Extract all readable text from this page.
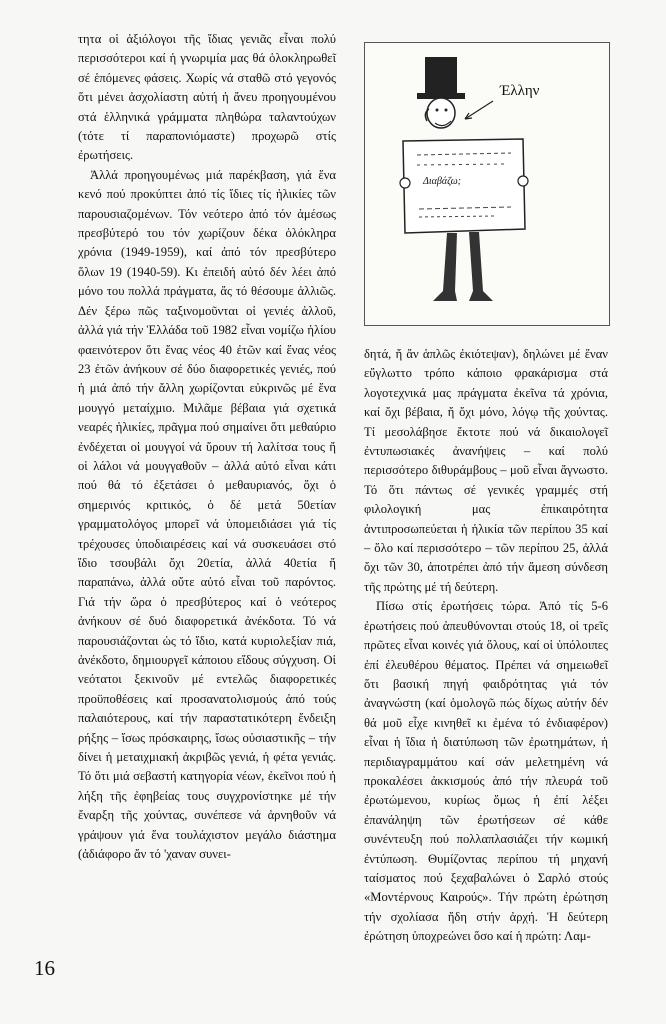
τητα οἱ ἀξιόλογοι τῆς ἴδιας γενιᾶς εἶναι πολύ περισσότεροι καί ἡ γνωριμία μας θά ὁλοκληρωθεῖ σέ ἑπόμενες φάσεις. Χωρίς νά σταθῶ στό γεγονός ὅτι μένει ἀσχολίαστη αὐτή ἡ ἄνευ προηγουμένου στά ἑλληνικά γράμματα πληθώρα ταλαντούχων (τότε τί παραπονιόμαστε) προχωρῶ στίς ἐρωτήσεις.

Ἀλλά προηγουμένως μιά παρέκβαση, γιά ἕνα κενό πού προκύπτει ἀπό τίς ἴδιες τίς ἡλικίες τῶν παρουσιαζομένων. Τόν νεότερο ἀπό τόν ἀμέσως πρεσβύτερό του τόν χωρίζουν δέκα ὁλόκληρα χρόνια (1949-1959), καί ἀπό τόν πρεσβύτερο ὅλων 19 (1940-59). Κι ἐπειδή αὐτό δέν λέει ἀπό μόνο του πολλά πράγματα, ἄς τό θέσουμε ἀλλιῶς. Δέν ξέρω πῶς ταξινομοῦνται οἱ γενιές ἀλλοῦ, ἀλλά γιά τήν Ἑλλάδα τοῦ 1982 εἶναι νομίζω ἡλίου φαεινότερον ὅτι ἕνας νέος 40 ἐτῶν καί ἕνας νέος 23 ἐτῶν ἀνήκουν σέ δύο διαφορετικές γενιές, πού ἡ μιά ἀπό τήν ἄλλη χωρίζονται εὐκρινῶς μέ ἕνα μουγγό μεταίχμιο. Μιλᾶμε βέβαια γιά σχετικά νεαρές ἡλικίες, πρᾶγμα πού σημαίνει ὅτι μεθαύριο ἐνδέχεται οἱ μουγγοί νά ὕρουν τή λαλίτσα τους ἤ οἱ λάλοι νά μουγγαθοῦν – ἀλλά αὐτό εἶναι κάτι πού θά τό ἐξετάσει ὁ μεθαυριανός, ὄχι ὁ σημερινός κριτικός, ὁ δέ μετά 50ετίαν γραμματολόγος μπορεῖ νά ὑπομειδιάσει γιά τίς τρέχουσες ὑποδιαιρέσεις καί νά συσκευάσει στό ἴδιο τσουβάλι ὄχι 20ετία, ἀλλά 40ετία ἤ παραπάνω, ἀλλά οὔτε αὐτό εἶναι τοῦ παρόντος. Γιά τήν ὥρα ὁ πρεσβύτερος καί ὁ νεότερος ἀνήκουν σέ δυό διαφορετικά ἀνέκδοτα. Τό νά παρουσιάζονται ὡς τό ἴδιο, κατά κυριολεξίαν πιά, ἀνέκδοτο, δημιουργεῖ κάποιου εἴδους σύγχυση. Οἱ νεότατοι ξεκινοῦν μέ εντελῶς διαφορετικές προϋποθέσεις καί προσανατολισμούς ἀπό τούς παλαιότερους, καί τήν παραστατικότερη ἔνδειξη ρήξης – ἴσως πρόσκαιρης, ἴσως οὐσιαστικῆς – τήν δίνει ἡ μεταιχμιακή ἀκριβῶς γενιά, ἡ φέτα γενιάς. Τό ὅτι μιά σεβαστή κατηγορία νέων, ἐκεῖνοι πού ἡ λήξη τῆς ἐφηβείας τους συγχρονίστηκε μέ τήν ἔναρξη τῆς χούντας, συνέπεσε νά ἀρνηθοῦν νά γράψουν γιά ἕνα τουλάχιστον μεγάλο διάστημα (ἀδιάφορο ἄν τό 'χαναν συνει-

Έλλην
Διαβάζω;

δητά, ἤ ἄν ἁπλῶς ἐκιότεψαν), δηλώνει μέ ἕναν εὔγλωττο τρόπο κάποιο φρακάρισμα στά λογοτεχνικά μας πράγματα ἐκεῖνα τά χρόνια, καί ὄχι βέβαια, ἤ ὄχι μόνο, λόγῳ τῆς χούντας. Τί μεσολάβησε ἔκτοτε πού νά δικαιολογεῖ ἐντυπωσιακές ἀνανήψεις – καί πολύ περισσότερο διθυράμβους – μοῦ εἶναι ἄγνωστο. Τό ὅτι πάντως σέ γενικές γραμμές στή φιλολογική μας ἐπικαιρότητα ἀντιπροσωπεύεται ἡ ἡλικία τῶν περίπου 35 καί – ὅλο καί περισσότερο – τῶν περίπου 25, ἀλλά ὄχι τῶν 30, ἀποτρέπει ἀπό τήν ἄμεση σύνδεση τῆς πρώτης μέ τή δεύτερη.

Πίσω στίς ἐρωτήσεις τώρα. Ἀπό τίς 5-6 ἐρωτήσεις πού ἀπευθύνονται στούς 18, οἱ τρεῖς πρῶτες εἶναι κοινές γιά ὅλους, καί οἱ ὑπόλοιπες ἐπί ἐλευθέρου θέματος. Πρέπει νά σημειωθεῖ ὅτι βασική πηγή φαιδρότητας γιά τόν ἀναγνώστη (καί ὁμολογῶ πώς δίχως αὐτήν δέν θά μοῦ εἶχε κινηθεῖ κι ἐμένα τό ἐνδιαφέρον) εἶναι ἡ ἴδια ἡ διατύπωση τῶν ἐρωτημάτων, ἡ περιδιαγραμμάτου καί σάν μελετημένη νά προκαλέσει ἀκκισμούς ἀπό τήν πλευρά τοῦ ἐρωτώμενου, κυρίως ὅμως ἡ ἐπί λέξει ἐπανάληψη τῶν ἐρωτήσεων σέ κάθε συνέντευξη πού πολλαπλασιάζει τήν κωμική ἐντύπωση. Θυμίζοντας περίπου τή μηχανή ταίσματος πού ξεχαβαλώνει ὁ Σαρλό στούς «Μοντέρνους Καιρούς». Τήν πρώτη ἐρώτηση τήν σχολίασα ἤδη στήν ἀρχή. Ἡ δεύτερη ἐρώτηση ὑποχρεώνει ὅσο καί ἡ πρώτη: Λαμ-

16
